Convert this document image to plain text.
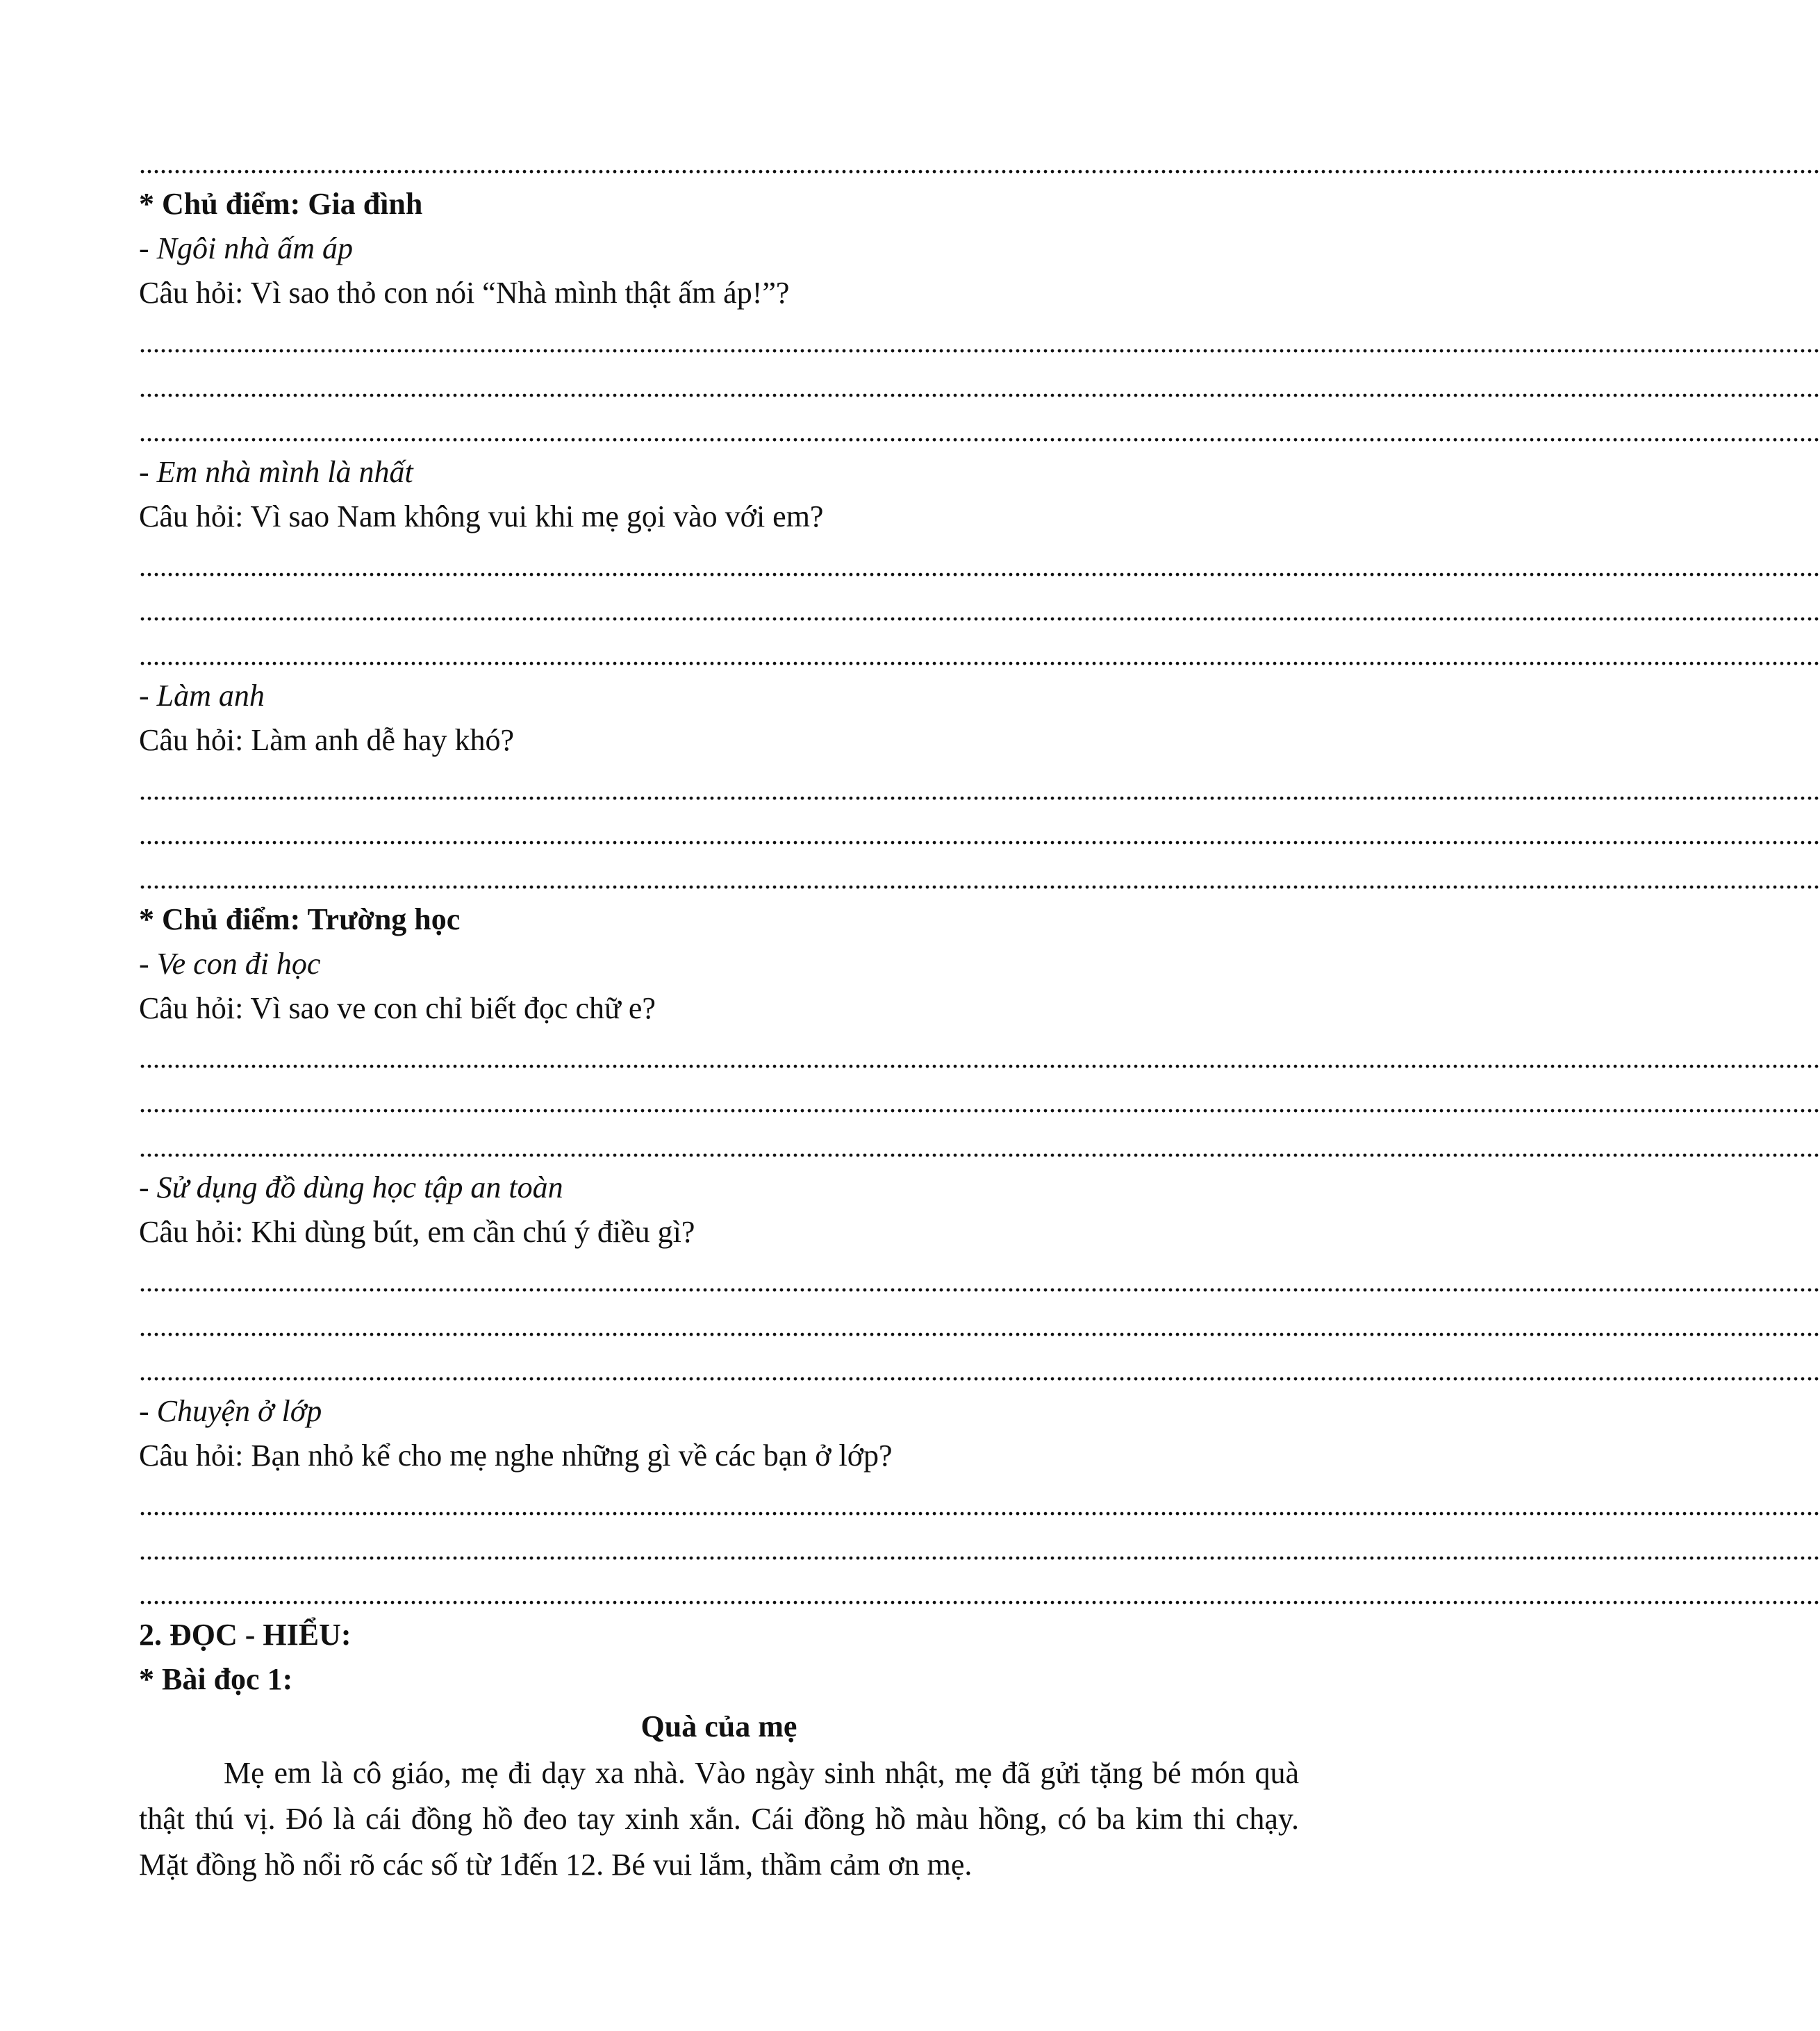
..................................................................................................................................................................................................................................................
* Chủ điểm: Gia đình
- Ngôi nhà ấm áp
Câu hỏi: Vì sao thỏ con nói “Nhà mình thật ấm áp!”?
..................................................................................................................................................................................................................................................
..................................................................................................................................................................................................................................................
..................................................................................................................................................................................................................................................
- Em nhà mình là nhất
Câu hỏi: Vì sao Nam không vui khi mẹ gọi vào với em?
..................................................................................................................................................................................................................................................
..................................................................................................................................................................................................................................................
..................................................................................................................................................................................................................................................
- Làm anh
Câu hỏi: Làm anh dễ hay khó?
..................................................................................................................................................................................................................................................
..................................................................................................................................................................................................................................................
..................................................................................................................................................................................................................................................
* Chủ điểm: Trường học
- Ve con đi học
Câu hỏi: Vì sao ve con chỉ biết đọc chữ e?
..................................................................................................................................................................................................................................................
..................................................................................................................................................................................................................................................
..................................................................................................................................................................................................................................................
- Sử dụng đồ dùng học tập an toàn
Câu hỏi: Khi dùng bút, em cần chú ý điều gì?
..................................................................................................................................................................................................................................................
..................................................................................................................................................................................................................................................
..................................................................................................................................................................................................................................................
- Chuyện ở lớp
Câu hỏi: Bạn nhỏ kể cho mẹ nghe những gì về các bạn ở lớp?
..................................................................................................................................................................................................................................................
..................................................................................................................................................................................................................................................
..................................................................................................................................................................................................................................................
2. ĐỌC - HIỂU:
* Bài đọc 1:
Quà của mẹ
Mẹ em là cô giáo, mẹ đi dạy xa nhà. Vào ngày sinh nhật, mẹ đã gửi tặng bé món quà thật thú vị. Đó là cái đồng hồ đeo tay xinh xắn. Cái đồng hồ màu hồng, có ba kim thi chạy. Mặt đồng hồ nổi rõ các số từ 1đến 12. Bé vui lắm, thầm cảm ơn mẹ.
